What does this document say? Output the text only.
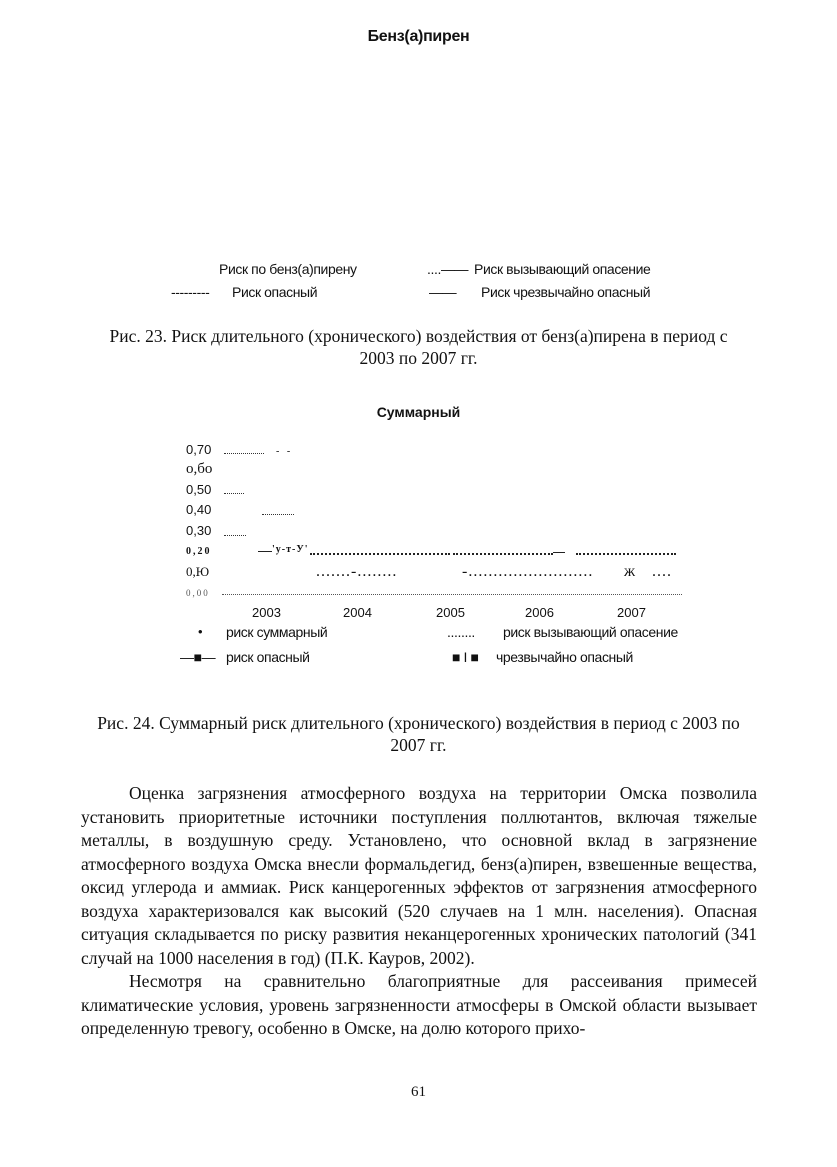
Бенз(а)пирен
Риск по бенз(а)пирену	....—— Риск вызывающий опасение
--------- Риск опасный	—— Риск чрезвычайно опасный
Рис. 23. Риск длительного (хронического) воздействия от бенз(а)пирена в период с 2003 по 2007 гг.
Суммарный
0,70
о,бо
0,50
0,40
0,30
0,20
0,Ю
0,00
-   -
'у-т-У'
.......-........	-......................... ж ....
2003	2004	2005	2006	2007
• риск суммарный	........ риск вызывающий опасение
—■— риск опасный	■ I ■ чрезвычайно опасный
Рис. 24. Суммарный риск длительного (хронического) воздействия в период с 2003 по 2007 гг.

Оценка загрязнения атмосферного воздуха на территории Омска позволила установить приоритетные источники поступления поллютантов, включая тяжелые металлы, в воздушную среду. Установлено, что основной вклад в загрязнение атмосферного воздуха Омска внесли формальдегид, бенз(а)пирен, взвешенные вещества, оксид углерода и аммиак. Риск канцерогенных эффектов от загрязнения атмосферного воздуха характеризовался как высокий (520 случаев на 1 млн. населения). Опасная ситуация складывается по риску развития неканцерогенных хронических патологий (341 случай на 1000 населения в год) (П.К. Кауров, 2002).

Несмотря на сравнительно благоприятные для рассеивания примесей климатические условия, уровень загрязненности атмосферы в Омской области вызывает определенную тревогу, особенно в Омске, на долю которого прихо-

61
